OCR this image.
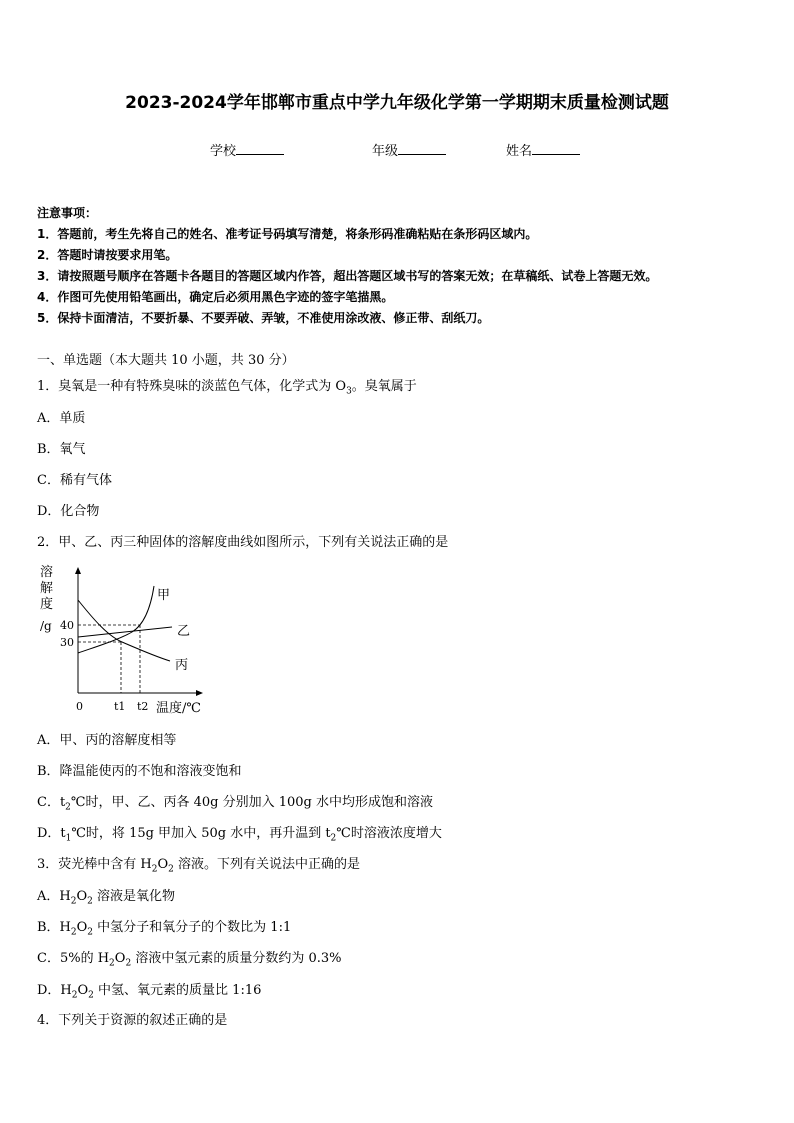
2023-2024学年邯郸市重点中学九年级化学第一学期期末质量检测试题
学校	年级	姓名
注意事项：
1．答题前，考生先将自己的姓名、准考证号码填写清楚，将条形码准确粘贴在条形码区域内。
2．答题时请按要求用笔。
3．请按照题号顺序在答题卡各题目的答题区域内作答，超出答题区域书写的答案无效；在草稿纸、试卷上答题无效。
4．作图可先使用铅笔画出，确定后必须用黑色字迹的签字笔描黑。
5．保持卡面清洁，不要折暴、不要弄破、弄皱，不准使用涂改液、修正带、刮纸刀。
一、单选题（本大题共 10 小题，共 30 分）
1．臭氧是一种有特殊臭味的淡蓝色气体，化学式为 $O_3$。臭氧属于
A．单质
B．氧气
C．稀有气体
D．化合物
2．甲、乙、丙三种固体的溶解度曲线如图所示，下列有关说法正确的是
溶
解
度
/g 40
30
0	t1 t2 温度/℃
甲
乙
丙
A．甲、丙的溶解度相等
B．降温能使丙的不饱和溶液变饱和
C．$t_2℃$时，甲、乙、丙各 40g 分别加入 100g 水中均形成饱和溶液
D．$t_1℃$时，将 15g 甲加入 50g 水中，再升温到 $t_2℃$时溶液浓度增大
3．荧光棒中含有 $H_2O_2$ 溶液。下列有关说法中正确的是
A．$H_2O_2$ 溶液是氧化物
B．$H_2O_2$ 中氢分子和氧分子的个数比为 1:1
C．5%的 $H_2O_2$ 溶液中氢元素的质量分数约为 0.3%
D．$H_2O_2$ 中氢、氧元素的质量比 1:16
4．下列关于资源的叙述正确的是
